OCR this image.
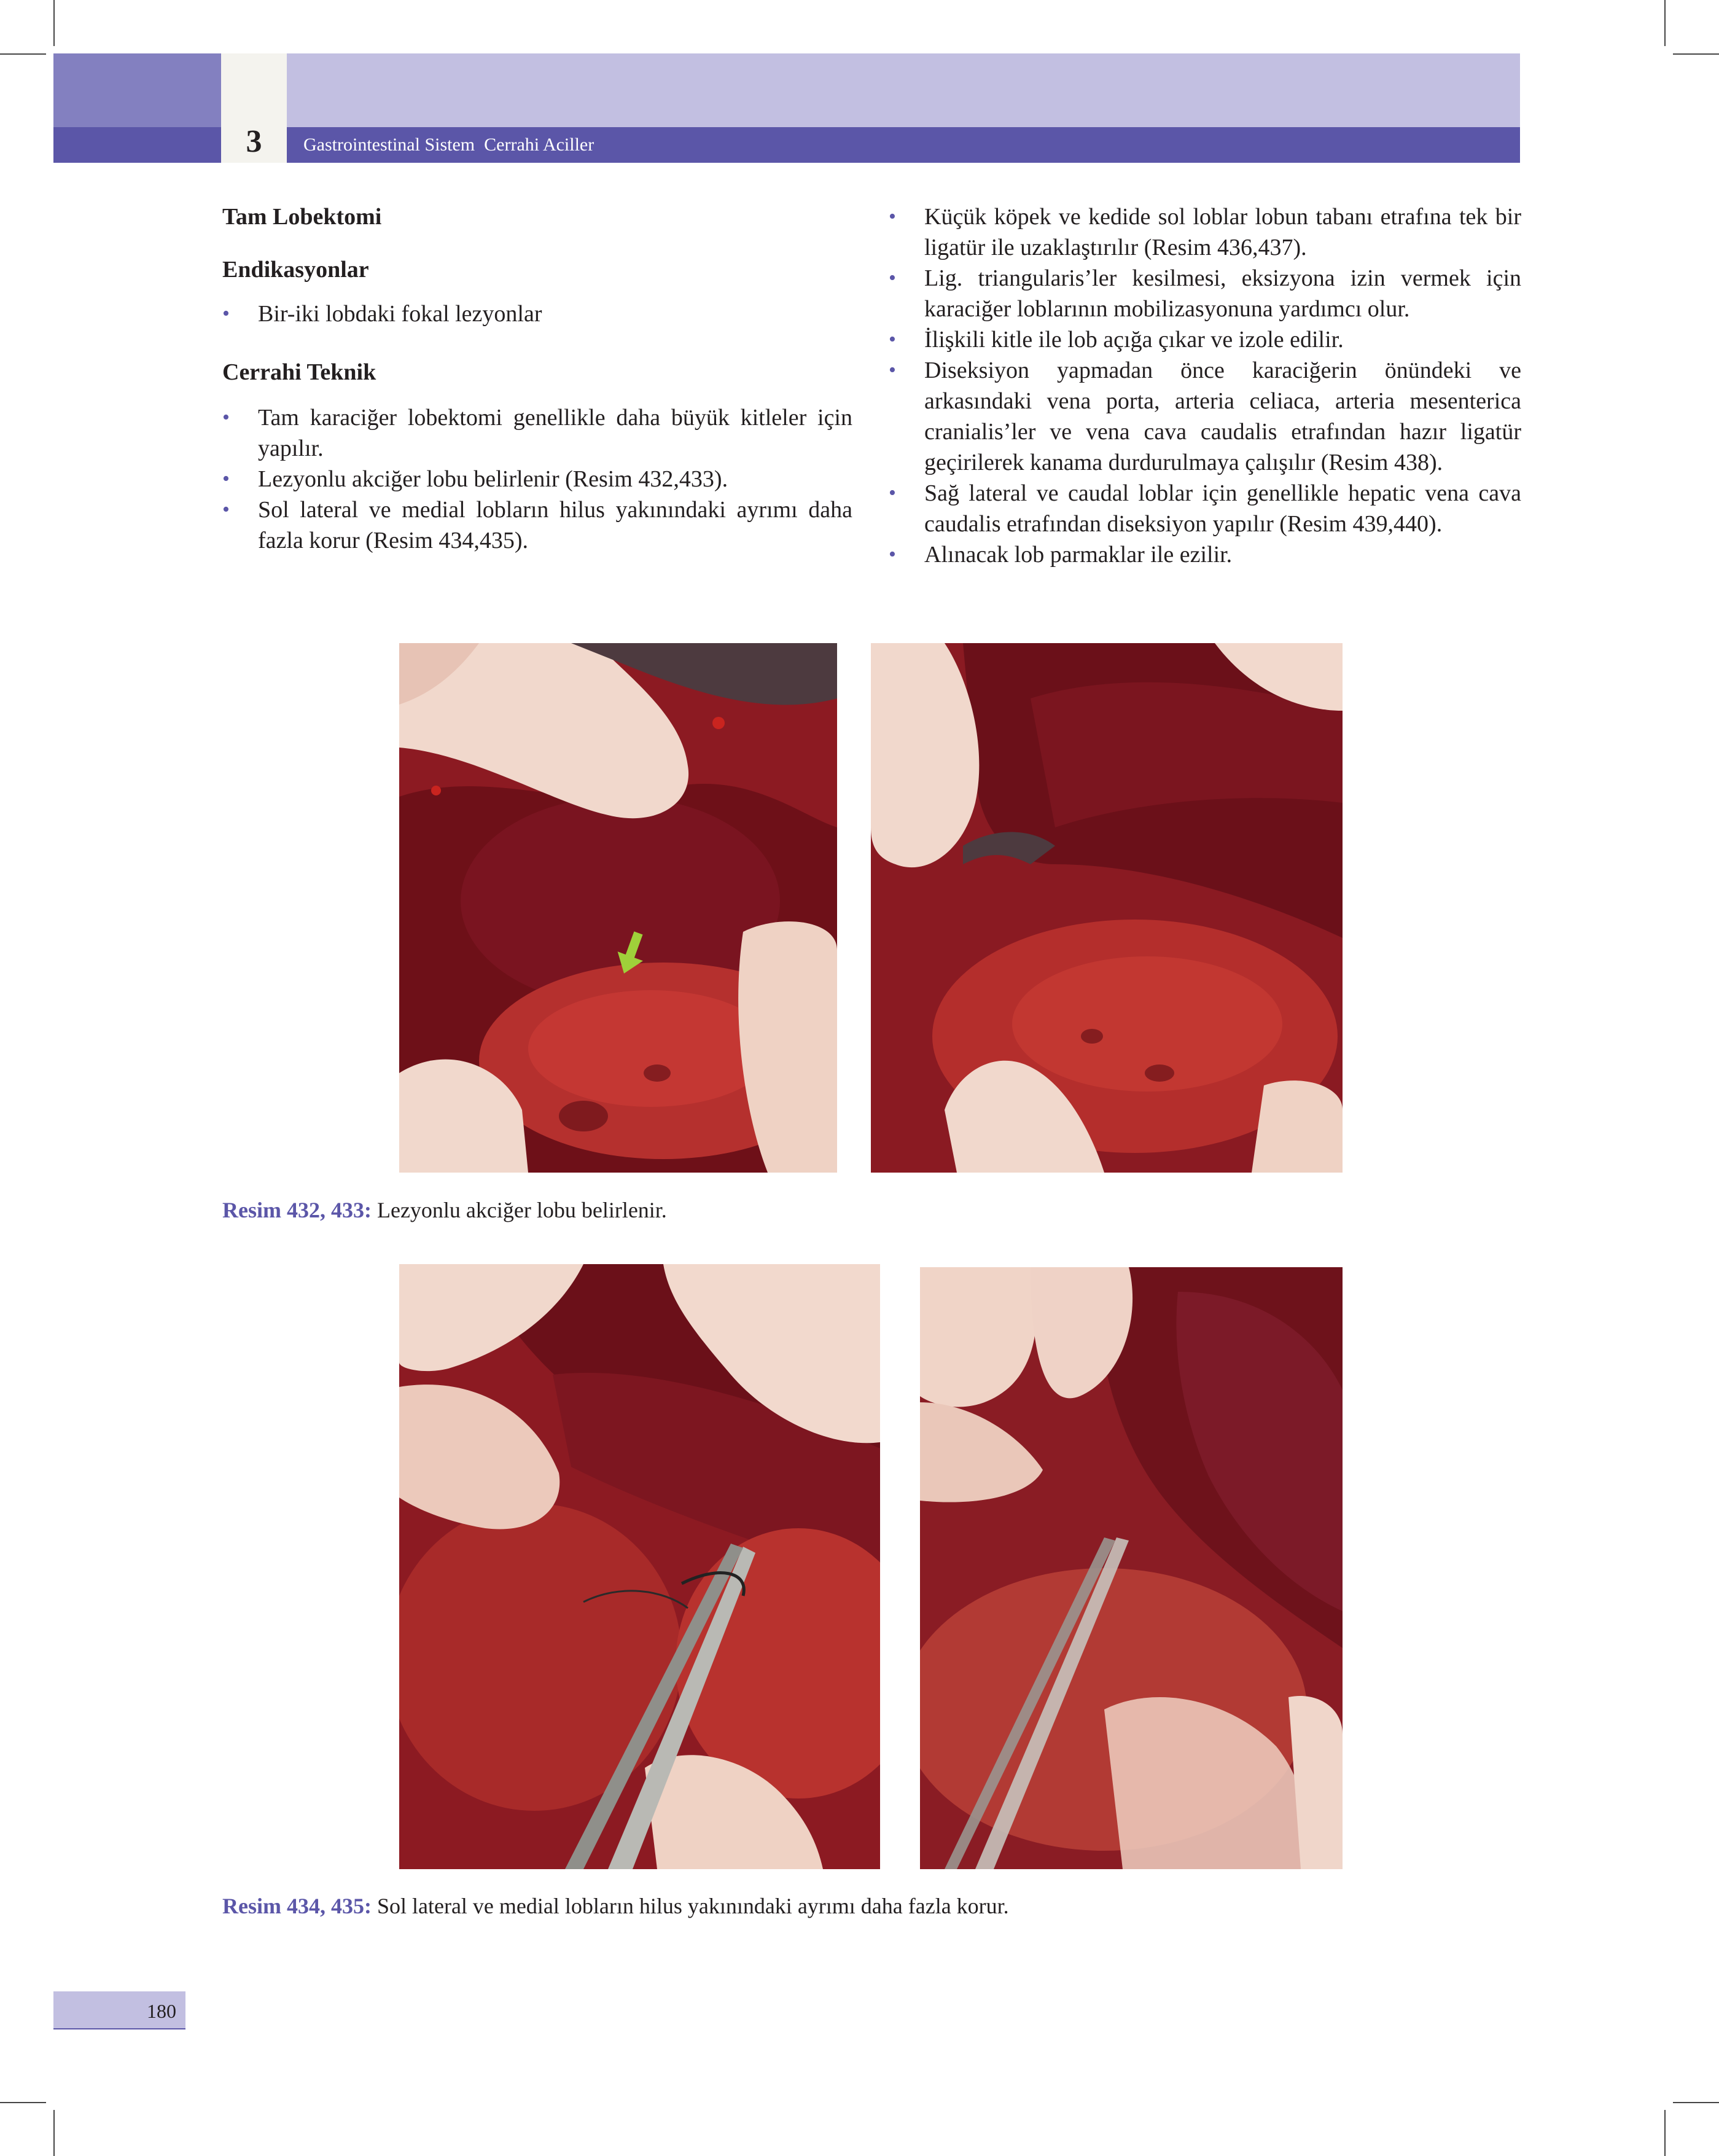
3	Gastrointestinal Sistem  Cerrahi Aciller
Tam Lobektomi
Endikasyonlar
• Bir-iki lobdaki fokal lezyonlar
Cerrahi Teknik
• Tam karaciğer lobektomi genellikle daha büyük kitleler için yapılır.
• Lezyonlu akciğer lobu belirlenir (Resim 432,433).
• Sol lateral ve medial lobların hilus yakınındaki ayrımı daha fazla korur (Resim 434,435).
• Küçük köpek ve kedide sol loblar lobun tabanı etrafına tek bir ligatür ile uzaklaştırılır (Resim 436,437).
• Lig. triangularis’ler kesilmesi, eksizyona izin vermek için karaciğer loblarının mobilizasyonuna yardımcı olur.
• İlişkili kitle ile lob açığa çıkar ve izole edilir.
• Diseksiyon yapmadan önce karaciğerin önündeki ve arkasındaki vena porta, arteria celiaca, arteria mesenterica cranialis’ler ve vena cava caudalis etrafından hazır ligatür geçirilerek kanama durdurulmaya çalışılır (Resim 438).
• Sağ lateral ve caudal loblar için genellikle hepatic vena cava caudalis etrafından diseksiyon yapılır (Resim 439,440).
• Alınacak lob parmaklar ile ezilir.
Resim 432, 433: Lezyonlu akciğer lobu belirlenir.
Resim 434, 435: Sol lateral ve medial lobların hilus yakınındaki ayrımı daha fazla korur.
180
